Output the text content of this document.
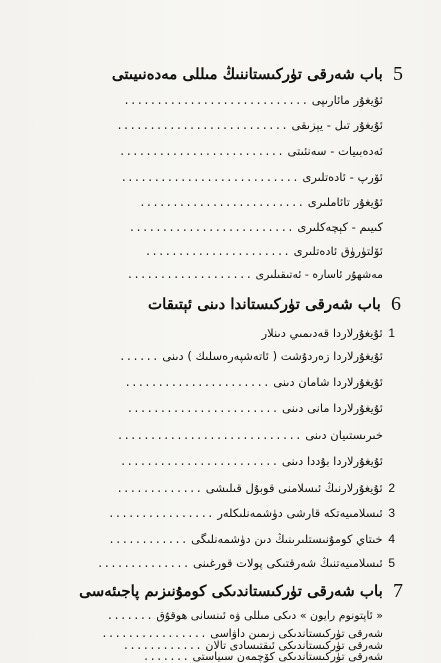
5 باب شەرقى تۈركىستاننىڭ مىللى مەدەنىيىتى
ئۇيغۇر مائارىپى ............................
ئۇيغۇر تىل - يېزىقى ..........................
ئەدەبىيات - سەنئىتى .........................
ئۆرپ - ئادەتلىرى ...........................
ئۇيغۇر تائاملىرى .........................
كىيىم - كېچەكلىرى .........................
ئۆلتۈرۈق ئادەتلىرى ......................
مەشھۇر ئاسارە - ئەتىقىلىرى ...................
6 باب شەرقى تۈركىستاندا دىنى ئېتىقات
1 ئۇيغۇرلاردا قەدىمىي دىنلار
ئۇيغۇرلاردا زەردۇشت ( ئاتەشپەرەسلىك ) دىنى ......
ئۇيغۇرلاردا شامان دىنى ......................
ئۇيغۇرلاردا مانى دىنى .......................
خىرىستىيان دىنى ............................
ئۇيغۇرلاردا بۇددا دىنى ........................
2 ئۇيغۇرلارنىڭ ئىسلامنى قوبۇل قىلىشى .............
3 ئىسلامىيەتكە قارشى دۈشمەنلىكلەر ................
4 خىتاي كومۇنىستلىرىنىڭ دىن دۈشمەنلىگى ............
5 ئىسلامىيەتنىڭ شەرقتىكى پولات قورغىنى ..............
7 باب شەرقى تۈركىستاندىكى كومۇنىزىم پاجىئەسى
« ئاپتونوم رايون » دىكى مىللى ۋە ئىنسانى ھوقۇق .......
شەرقى تۈركىستاندىكى زىمىن داۋاسى ................
شەرقى تۈركىستاندىكى ئىقتىسادى تالان ............
شەرقى تۈركىستاندىكى كۆچمەن سىياستى .......
